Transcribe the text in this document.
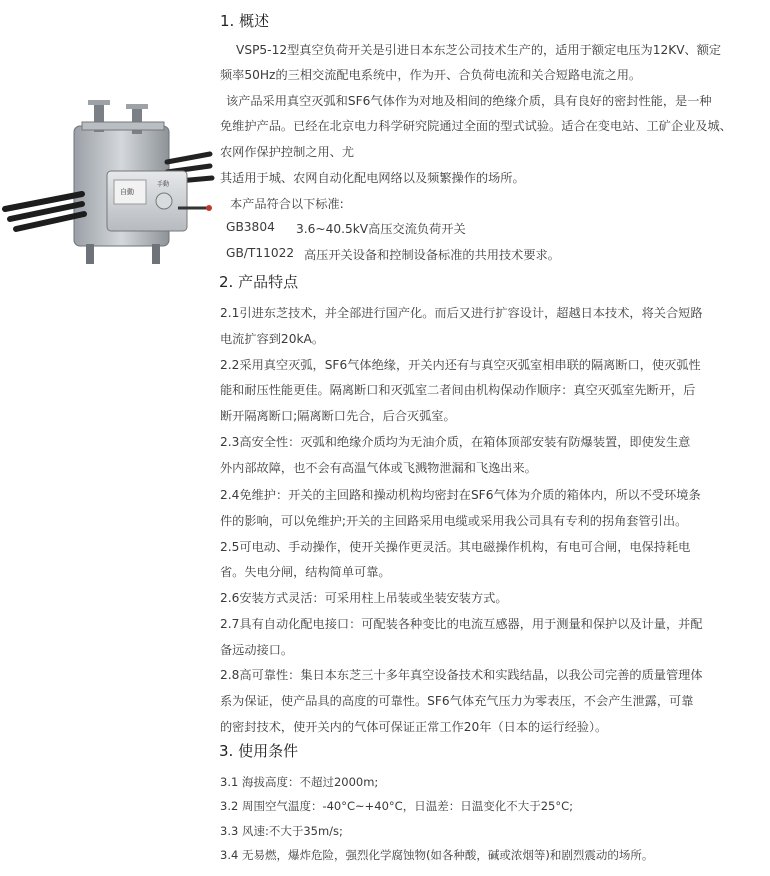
自動
手動
1. 概述
VSP5-12型真空负荷开关是引进日本东芝公司技术生产的，适用于额定电压为12KV、额定
频率50Hz的三相交流配电系统中，作为开、合负荷电流和关合短路电流之用。
该产品采用真空灭弧和SF6气体作为对地及相间的绝缘介质，具有良好的密封性能，是一种
免维护产品。已经在北京电力科学研究院通过全面的型式试验。适合在变电站、工矿企业及城、
农网作保护控制之用、尤
其适用于城、农网自动化配电网络以及频繁操作的场所。
本产品符合以下标准:
GB3804 3.6~40.5kV高压交流负荷开关
GB/T11022 高压开关设备和控制设备标准的共用技术要求。
2. 产品特点
2.1引进东芝技术，并全部进行国产化。而后又进行扩容设计，超越日本技术，将关合短路
电流扩容到20kA。
2.2采用真空灭弧，SF6气体绝缘，开关内还有与真空灭弧室相串联的隔离断口，使灭弧性
能和耐压性能更佳。隔离断口和灭弧室二者间由机构保动作顺序：真空灭弧室先断开，后
断开隔离断口;隔离断口先合，后合灭弧室。
2.3高安全性：灭弧和绝缘介质均为无油介质，在箱体顶部安装有防爆装置，即使发生意
外内部故障，也不会有高温气体或飞溅物泄漏和飞逸出来。
2.4免维护：开关的主回路和操动机构均密封在SF6气体为介质的箱体内，所以不受环境条
件的影响，可以免维护;开关的主回路采用电缆或采用我公司具有专利的拐角套管引出。
2.5可电动、手动操作，使开关操作更灵活。其电磁操作机构，有电可合闸，电保持耗电
省。失电分闸，结构简单可靠。
2.6安装方式灵活：可采用柱上吊装或坐装安装方式。
2.7具有自动化配电接口：可配装各种变比的电流互感器，用于测量和保护以及计量，并配
备远动接口。
2.8高可靠性：集日本东芝三十多年真空设备技术和实践结晶，以我公司完善的质量管理体
系为保证，使产品具的高度的可靠性。SF6气体充气压力为零表压，不会产生泄露，可靠
的密封技术，使开关内的气体可保证正常工作20年（日本的运行经验）。
3. 使用条件
3.1 海拔高度：不超过2000m;
3.2 周围空气温度：-40°C~+40°C，日温差：日温变化不大于25°C;
3.3 风速:不大于35m/s;
3.4 无易燃，爆炸危险，强烈化学腐蚀物(如各种酸，碱或浓烟等)和剧烈震动的场所。
